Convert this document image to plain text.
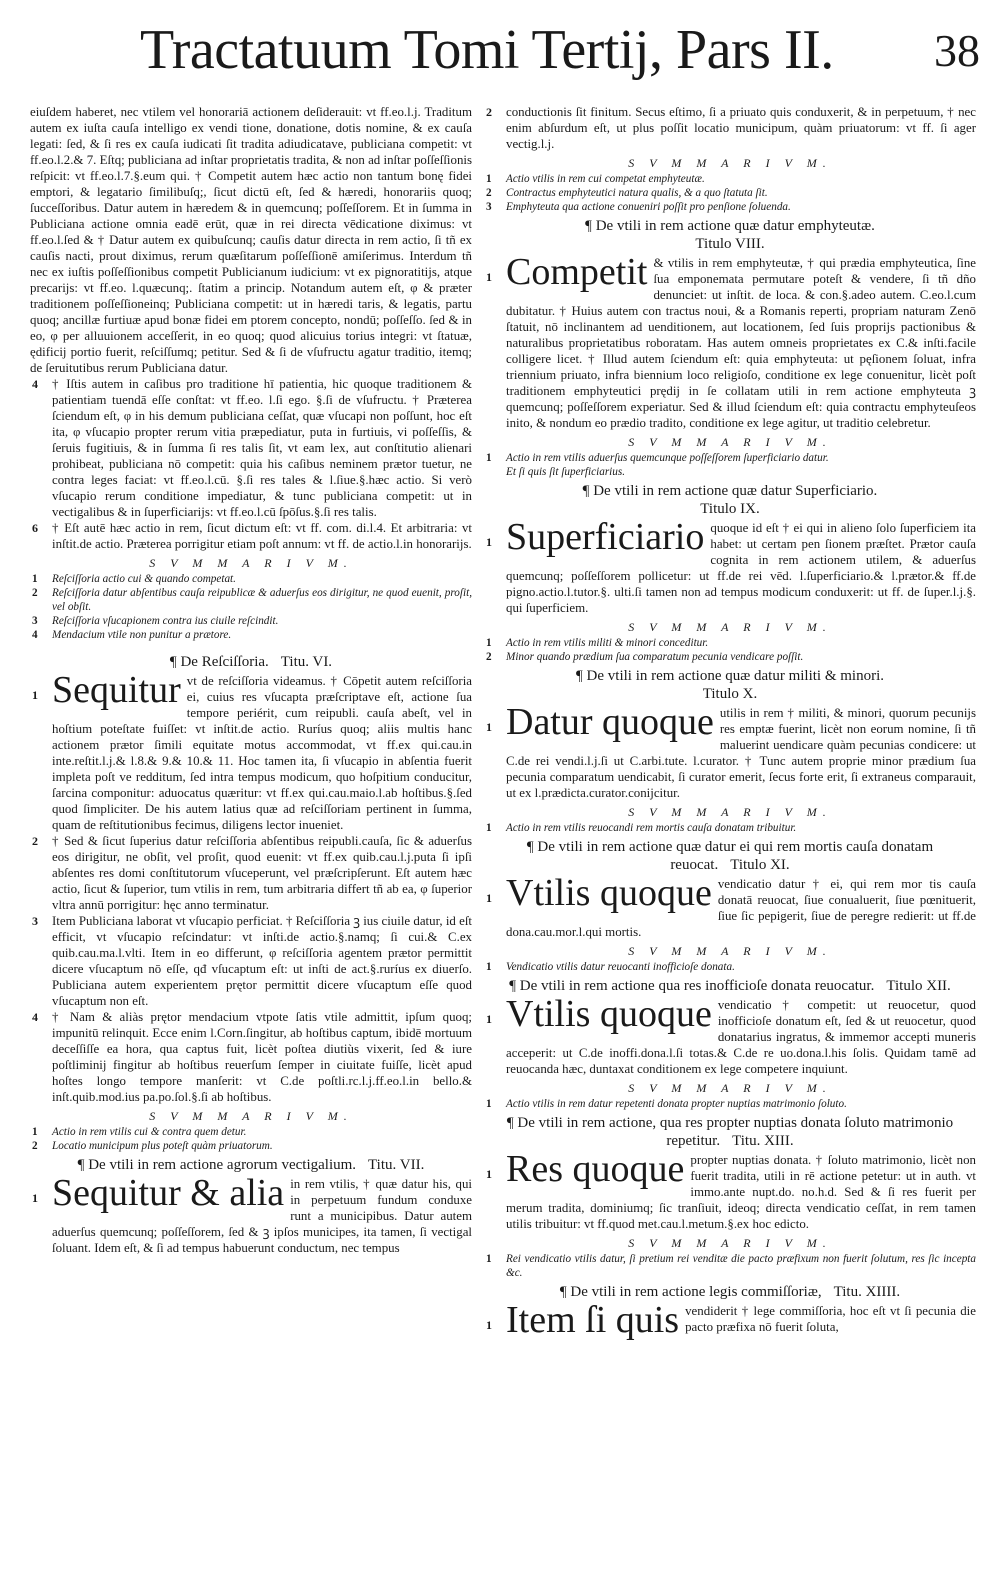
Tractatuum Tomi Tertij, Pars II. 38

eiuſdem haberet, nec vtilem vel honorariā actionem deſiderauit: vt ff.eo.l.j. Traditum autem ex iuſta cauſa intelligo ex vendi tione, donatione, dotis nomine, & ex cauſa legati: ſed, & ſi res ex cauſa iudicati ſit tradita adiudicatave, publiciana competit: vt ff.eo.l.2.& 7. Eſtq; publiciana ad inſtar proprietatis tradita, & non ad inſtar poſſeſſionis reſpicit: vt ff.eo.l.7.§.eum qui. † Competit autem hæc actio non tantum bonę fidei emptori, & legatario ſimilibuſq;, ſicut dictū eſt, ſed & hæredi, honorariis quoq; ſucceſſoribus. Datur autem in hæredem & in quemcunq; poſſeſſorem. Et in ſumma in Publiciana actione omnia eadē erūt, quæ in rei directa vēdicatione diximus: vt ff.eo.l.ſed & † Datur autem ex quibuſcunq; cauſis datur directa in rem actio, ſi tñ ex cauſis nacti, prout diximus, rerum quæſitarum poſſeſſionē amiſerimus. Interdum tñ nec ex iuſtis poſſeſſionibus competit Publicianum iudicium: vt ex pignoratitijs, atque precarijs: vt ff.eo. l.quæcunq;. ſtatim a princip. Notandum autem eſt, φ & præter traditionem poſſeſſioneinq; Publiciana competit: ut in hæredi taris, & legatis, partu quoq; ancillæ furtiuæ apud bonæ fidei em ptorem concepto, nondū; poſſeſſo. ſed & in eo, φ per alluuionem acceſſerit, in eo quoq; quod alicuius torius integri: vt ſtatuæ, ędificij portio fuerit, reſciſſumq; petitur. Sed & ſi de vſufructu agatur traditio, itemq; de ſeruitutibus rerum Publiciana datur.

4 † Iſtis autem in caſibus pro traditione hī patientia, hic quoque traditionem & patientiam tuendā eſſe conſtat: vt ff.eo. l.ſi ego. §.ſi de vſufructu. † Præterea ſciendum eſt, φ in his demum publiciana ceſſat, quæ vſucapi non poſſunt, hoc eſt ita, φ vſucapio propter rerum vitia præpediatur, puta in furtiuis, vi poſſeſſis, & ſeruis fugitiuis, & in ſumma ſi res talis ſit, vt eam lex, aut conſtitutio alienari prohibeat, publiciana nō competit: quia his caſibus neminem prætor tuetur, ne contra leges faciat: vt ff.eo.l.cū. §.ſi res tales & l.ſiue.§.hæc actio. Si verò vſucapio rerum conditione impediatur, & tunc publiciana competit: ut in vectigalibus & in ſuperficiarijs: vt ff.eo.l.cū ſpōſus.§.ſi res talis.

6 † Eſt autē hæc actio in rem, ſicut dictum eſt: vt ff. com. di.l.4. Et arbitraria: vt inſtit.de actio. Præterea porrigitur etiam poſt annum: vt ff. de actio.l.in honorarijs.

S V M M A R I V M.

1 Reſciſſoria actio cui & quando competat.

2 Reſciſſoria datur abſentibus cauſa reipublicæ & aduerſus eos dirigitur, ne quod euenit, proſit, vel obſit.

3 Reſciſſoria vſucapionem contra ius ciuile reſcindit.

4 Mendacium vtile non punitur a prætore.

¶ De Reſciſſoria. Titu. VI.
1 Sequitur vt de reſciſſoria videamus. † Cōpetit autem reſciſſoria ei, cuius res vſucapta præſcriptave eſt, actione ſua tempore periérit, cum reipubli. cauſa abeſt, vel in hoſtium poteſtate fuiſſet: vt inſtit.de actio. Ruríus quoq; aliis multis hanc actionem prætor ſimili equitate motus accommodat, vt ff.ex qui.cau.in inte.reſtit.l.j.& l.8.& 9.& 10.& 11. Hoc tamen ita, ſi vſucapio in abſentia fuerit impleta poſt ve redditum, ſed intra tempus modicum, quo hoſpitium conducitur, ſarcina componitur: aduocatus quæritur: vt ff.ex qui.cau.maio.l.ab hoſtibus.§.ſed quod ſimpliciter. De his autem latius quæ ad reſciſſoriam pertinent in ſumma, quam de reſtitutionibus fecimus, diligens lector inueniet.

2 † Sed & ſicut ſuperius datur reſciſſoria abſentibus reipubli.cauſa, ſic & aduerſus eos dirigitur, ne obſit, vel proſit, quod euenit: vt ff.ex quib.cau.l.j.puta ſi ipſi abſentes res domi conſtitutorum vſuceperunt, vel præſcripſerunt. Eſt autem hæc actio, ſicut & ſuperior, tum vtilis in rem, tum arbitraria differt tñ ab ea, φ ſuperior vltra annū porrigitur: hęc anno terminatur.

3 Item Publiciana laborat vt vſucapio perficiat. † Reſciſſoria ꝫ ius ciuile datur, id eſt efficit, vt vſucapio reſcindatur: vt inſti.de actio.§.namq; ſi cui.& C.ex quib.cau.ma.l.vlti. Item in eo differunt, φ reſciſſoria agentem prætor permittit dicere vſucaptum nō eſſe, qđ vſucaptum eſt: ut inſti de act.§.ruríus ex diuerſo. Publiciana autem experientem prętor permittit dicere vſucaptum eſſe quod vſucaptum non eſt.

4 † Nam & aliàs prętor mendacium vtpote ſatis vtile admittit, ipſum quoq; impunitū relinquit. Ecce enim l.Corn.ſingitur, ab hoſtibus captum, ibidē mortuum deceſſiſſe ea hora, qua captus fuit, licèt poſtea diutiùs vixerit, ſed & iure poſtliminij fingitur ab hoſtibus reuerſum ſemper in ciuitate fuiſſe, licèt apud hoſtes longo tempore manſerit: vt C.de poſtli.rc.l.j.ff.eo.l.in bello.& inſt.quib.mod.ius pa.po.ſol.§.ſi ab hoſtibus.

S V M M A R I V M.

1 Actio in rem vtilis cui & contra quem detur.

2 Locatio municipum plus poteſt quàm priuatorum.

¶ De vtili in rem actione agrorum vectigalium. Titu. VII.
1 Sequitur & alia in rem vtilis, † quæ datur his, qui in perpetuum fundum conduxe runt a municipibus. Datur autem aduerſus quemcunq; poſſeſſorem, ſed & ꝫ ipſos municipes, ita tamen, ſi vectigal ſoluant. Idem eſt, & ſi ad tempus habuerunt conductum, nec tempus

2 conductionis ſit finitum. Secus eſtimo, ſi a priuato quis conduxerit, & in perpetuum, † nec enim abſurdum eſt, ut plus poſſit locatio municipum, quàm priuatorum: vt ff. ſi ager vectig.l.j.

S V M M A R I V M.

1 Actio vtilis in rem cui competat emphyteutæ.

2 Contractus emphyteutici natura qualis, & a quo ſtatuta ſit.

3 Emphyteuta qua actione conueniri poſſit pro penſione ſoluenda.

¶ De vtili in rem actione quæ datur emphyteutæ.
Titulo VIII.
1 Competit & vtilis in rem emphyteutæ, † qui prædia emphyteutica, ſine ſua emponemata permutare poteſt & vendere, ſi tñ dño denunciet: ut inſtit. de loca. & con.§.adeo autem. C.eo.l.cum dubitatur. † Huius autem con tractus noui, & a Romanis reperti, propriam naturam Zenō ſtatuit, nō inclinantem ad uenditionem, aut locationem, ſed ſuis proprijs pactionibus & naturalibus proprietatibus roboratam. Has autem omneis proprietates ex C.& inſti.facile colligere licet. † Illud autem ſciendum eſt: quia emphyteuta: ut pęſionem ſoluat, infra triennium priuato, infra biennium loco religioſo, conditione ex lege conuenitur, licèt poſt traditionem emphyteutici prędij in ſe collatam utili in rem actione emphyteuta ꝫ quemcunq; poſſeſſorem experiatur. Sed & illud ſciendum eſt: quia contractu emphyteuſeos inito, & nondum eo prædio tradito, conditione ex lege agitur, ut traditio celebretur.
S V M M A R I V M.

1 Actio in rem vtilis aduerſus quemcunque poſſeſſorem ſuperficiario datur.

Et ſi quis ſit ſuperficiarius.

¶ De vtili in rem actione quæ datur Superficiario.
Titulo IX.
1 Superficiario quoque id eſt † ei qui in alieno ſolo ſuperficiem ita habet: ut certam pen ſionem præſtet. Prætor cauſa cognita in rem actionem utilem, & aduerſus quemcunq; poſſeſſorem pollicetur: ut ff.de rei vēd. l.ſuperficiario.& l.prætor.& ff.de pigno.actio.l.tutor.§. ulti.ſi tamen non ad tempus modicum conduxerit: ut ff. de ſuper.l.j.§. qui ſuperficiem.
S V M M A R I V M.

1 Actio in rem vtilis militi & minori conceditur.

2 Minor quando prædium ſua comparatum pecunia vendicare poſſit.

¶ De vtili in rem actione quæ datur militi & minori.
Titulo X.
1 Datur quoque utilis in rem † militi, & minori, quorum pecunijs res emptæ fuerint, licèt non eorum nomine, ſi tñ maluerint uendicare quàm pecunias condicere: ut C.de rei vendi.l.j.ſi ut C.arbi.tute. l.curator. † Tunc autem proprie minor prædium ſua pecunia comparatum uendicabit, ſi curator emerit, ſecus forte erit, ſi extraneus comparauit, ut ex l.prædicta.curator.conijcitur.
S V M M A R I V M.

1 Actio in rem vtilis reuocandi rem mortis cauſa donatam tribuitur.

¶ De vtili in rem actione quæ datur ei qui rem mortis cauſa donatam reuocat. Titulo XI.
1 Vtilis quoque vendicatio datur † ei, qui rem mor tis cauſa donatā reuocat, ſiue conualuerit, ſiue pœnituerit, ſiue ſic pepigerit, ſiue de peregre redierit: ut ff.de dona.cau.mor.l.qui mortis.
S V M M A R I V M.

1 Vendicatio vtilis datur reuocanti inofficioſe donata.

¶ De vtili in rem actione qua res inofficioſe donata reuocatur. Titulo XII.
1 Vtilis quoque vendicatio † competit: ut reuocetur, quod inofficioſe donatum eſt, ſed & ut reuocetur, quod donatarius ingratus, & immemor accepti muneris acceperit: ut C.de inoffi.dona.l.ſi totas.& C.de re uo.dona.l.his ſolis. Quidam tamē ad reuocanda hæc, duntaxat conditionem ex lege competere inquiunt.
S V M M A R I V M.

1 Actio vtilis in rem datur repetenti donata propter nuptias matrimonio ſoluto.

¶ De vtili in rem actione, qua res propter nuptias donata ſoluto matrimonio repetitur. Titu. XIII.
1 Res quoque propter nuptias donata. † ſoluto matrimonio, licèt non fuerit tradita, utili in rē actione petetur: ut in auth. vt immo.ante nupt.do. no.h.d. Sed & ſi res fuerit per merum tradita, dominiumq; ſic tranſiuit, ideoq; directa vendicatio ceſſat, in rem tamen utilis tribuitur: vt ff.quod met.cau.l.metum.§.ex hoc edicto.
S V M M A R I V M.

1 Rei vendicatio vtilis datur, ſi pretium rei venditæ die pacto præfixum non fuerit ſolutum, res ſic incepta &c.

¶ De vtili in rem actione legis commiſſoriæ, Titu. XIIII.
1 Item ſi quis vendiderit † lege commiſſoria, hoc eſt vt ſi pecunia die pacto præfixa nō fuerit ſoluta,
